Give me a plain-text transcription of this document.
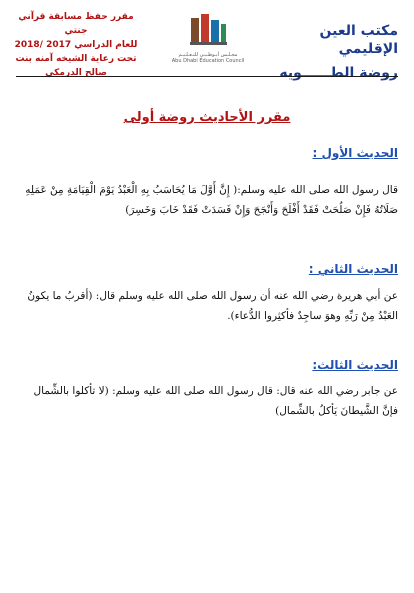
مكتب العين الإقليمي
روضة الطــــــويه
مجـلـس أبـوظـبـي للتـعـلـيـم
Abu Dhabi Education Council
مقرر حفظ مسابقة قرآني جنتي
للعام الدراسي 2017 /2018
تحت رعاية الشيخه آمنه بنت صالح الدرمكي
مقرر الأحاديث روضة أولى
الحديث الأول :
قال رسول الله صلى الله عليه وسلم:( إِنَّ أَوَّلَ مَا يُحَاسَبُ بِهِ الْعَبْدُ يَوْمَ الْقِيَامَةِ مِنْ عَمَلِهِ صَلَاتُهُ فَإِنْ صَلُحَتْ فَقَدْ أَفْلَحَ وَأَنْجَحَ وَإِنْ فَسَدَتْ فَقَدْ خَابَ وَخَسِرَ)
الحديث الثاني :
عن أبي هريرة رضي الله عنه أن رسول الله صلى الله عليه وسلم قال: (أقربُ ما يكونُ العَبْدُ مِنْ رَبِّهِ وهوَ ساجِدٌ فأكثِروا الدُّعاء).
الحديث الثالث:
عن جابر رضي الله عنه قال: قال رسول الله صلى الله عليه وسلم: (لا تأكلوا بالشِّمال فإنَّ الشَّيطانَ يَأكلُ بالشِّمال)
